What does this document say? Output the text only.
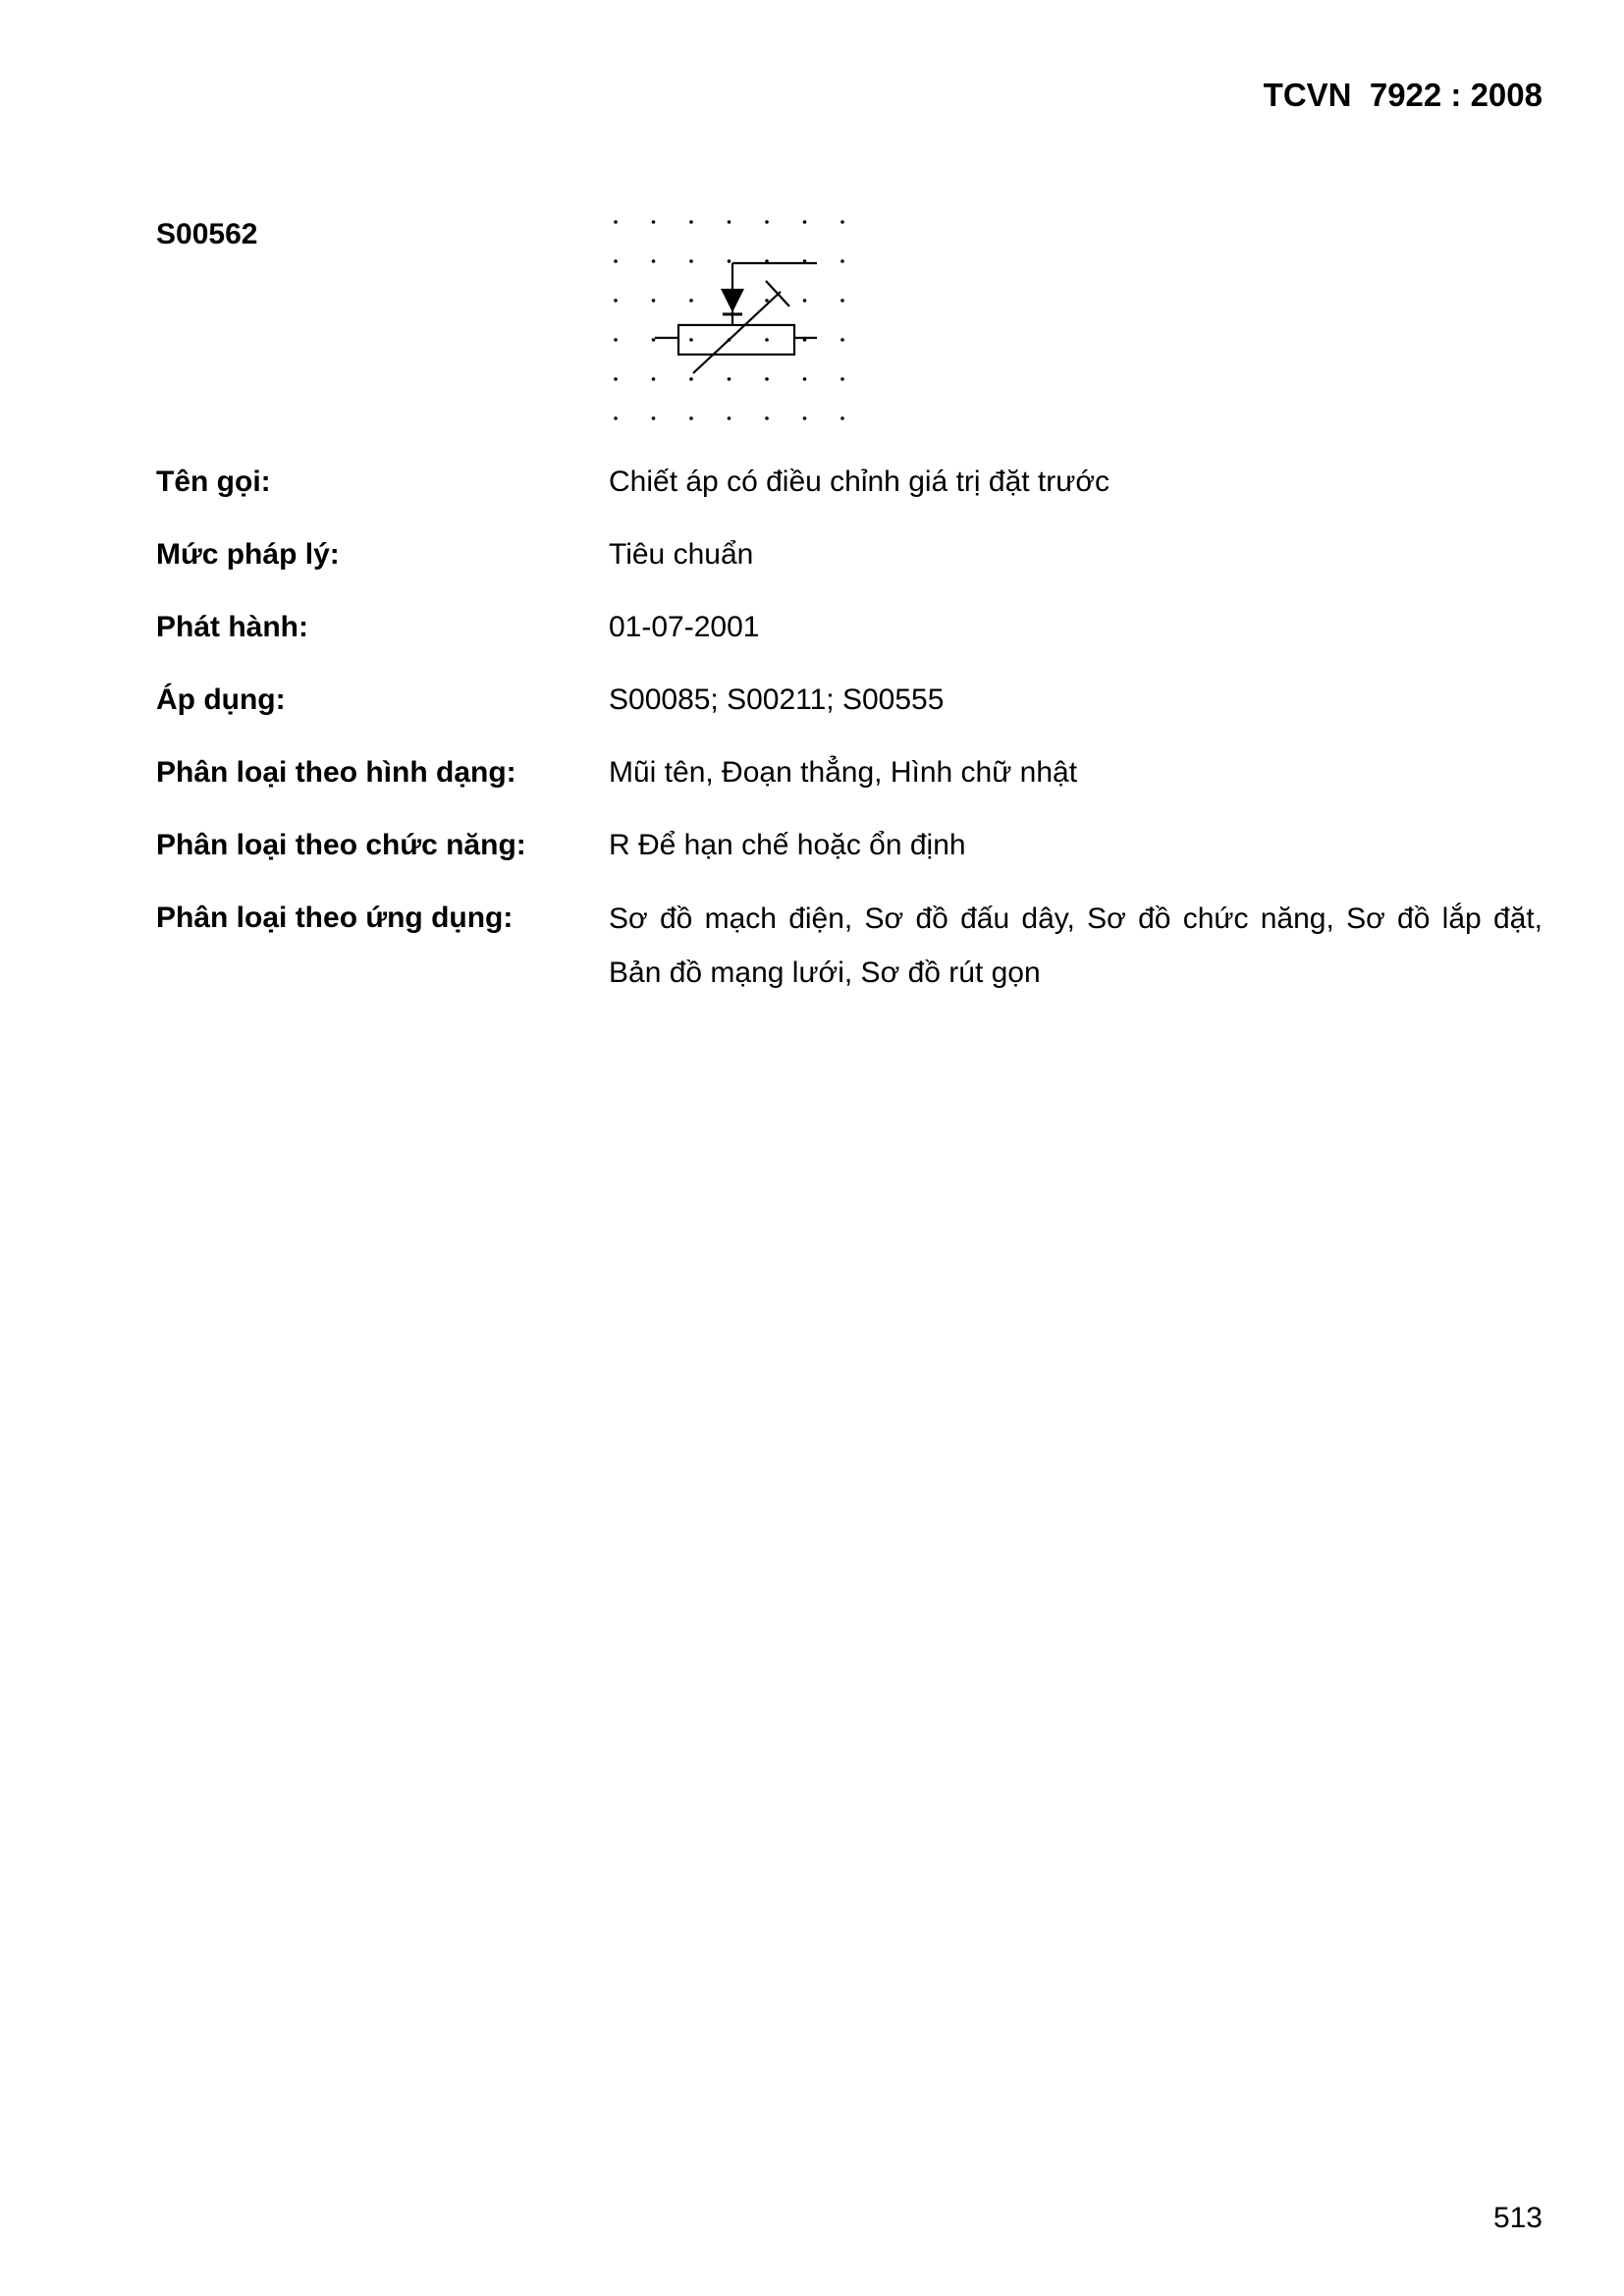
TCVN  7922 : 2008
S00562
Tên gọi:	Chiết áp có điều chỉnh giá trị đặt trước
Mức pháp lý:	Tiêu chuẩn
Phát hành:	01-07-2001
Áp dụng:	S00085; S00211; S00555
Phân loại theo hình dạng:	Mũi tên, Đoạn thẳng, Hình chữ nhật
Phân loại theo chức năng:	R Để hạn chế hoặc ổn định
Phân loại theo ứng dụng:	Sơ đồ mạch điện, Sơ đồ đấu dây, Sơ đồ chức năng, Sơ đồ lắp đặt, Bản đồ mạng lưới, Sơ đồ rút gọn
513
